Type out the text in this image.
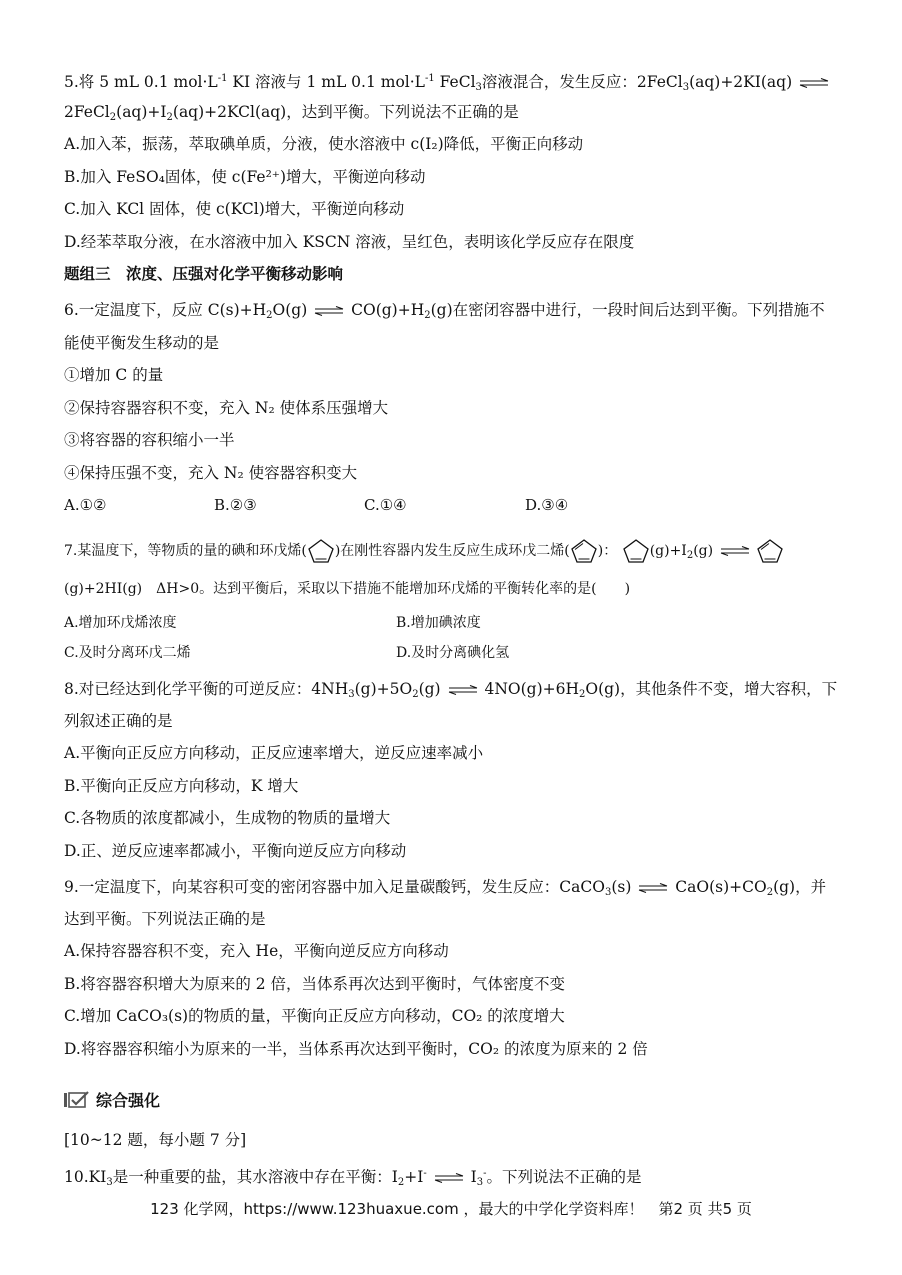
5.将 5 mL 0.1 $mol\cdot L^{-1}$ KI 溶液与 1 mL 0.1 $mol\cdot L^{-1}$ FeCl$_3$溶液混合，发生反应：2FeCl$_3$(aq)+2KI(aq) ⇌
$2FeCl_2(aq)+I_2(aq)+2KCl(aq)$，达到平衡。下列说法不正确的是
A.加入苯，振荡，萃取碘单质，分液，使水溶液中 c(I₂)降低，平衡正向移动
B.加入 FeSO₄固体，使 c(Fe²⁺)增大，平衡逆向移动
C.加入 KCl 固体，使 c(KCl)增大，平衡逆向移动
D.经苯萃取分液，在水溶液中加入 KSCN 溶液，呈红色，表明该化学反应存在限度
题组三　浓度、压强对化学平衡移动影响
6.一定温度下，反应 $C(s)+H_2O(g)$ ⇌ $CO(g)+H_2(g)$在密闭容器中进行，一段时间后达到平衡。下列措施不
能使平衡发生移动的是
①增加 C 的量
②保持容器容积不变，充入 N₂ 使体系压强增大
③将容器的容积缩小一半
④保持压强不变，充入 N₂ 使容器容积变大
A.①②	B.②③	C.①④	D.③④
7.某温度下，等物质的量的碘和环戊烯( )在刚性容器内发生反应生成环戊二烯( )： $(g)+I_2(g)$ ⇌
(g)+2HI(g)　ΔH>0。达到平衡后，采取以下措施不能增加环戊烯的平衡转化率的是(　　)
A.增加环戊烯浓度	B.增加碘浓度
C.及时分离环戊二烯	D.及时分离碘化氢
8.对已经达到化学平衡的可逆反应：$4NH_3(g)+5O_2(g)$ ⇌ $4NO(g)+6H_2O(g)$，其他条件不变，增大容积，下
列叙述正确的是
A.平衡向正反应方向移动，正反应速率增大，逆反应速率减小
B.平衡向正反应方向移动，K 增大
C.各物质的浓度都减小，生成物的物质的量增大
D.正、逆反应速率都减小，平衡向逆反应方向移动
9.一定温度下，向某容积可变的密闭容器中加入足量碳酸钙，发生反应：CaCO$_3$(s) ⇌ $CaO(s)+CO_2(g)$，并
达到平衡。下列说法正确的是
A.保持容器容积不变，充入 He，平衡向逆反应方向移动
B.将容器容积增大为原来的 2 倍，当体系再次达到平衡时，气体密度不变
C.增加 CaCO₃(s)的物质的量，平衡向正反应方向移动，CO₂ 的浓度增大
D.将容器容积缩小为原来的一半，当体系再次达到平衡时，CO₂ 的浓度为原来的 2 倍
综合强化
[10~12 题，每小题 7 分]
$10.KI_3$是一种重要的盐，其水溶液中存在平衡：$I_2+I^-$ ⇌ $I_3^-$。下列说法不正确的是
123 化学网，https://www.123huaxue.com ，最大的中学化学资料库！　第2 页 共5 页
